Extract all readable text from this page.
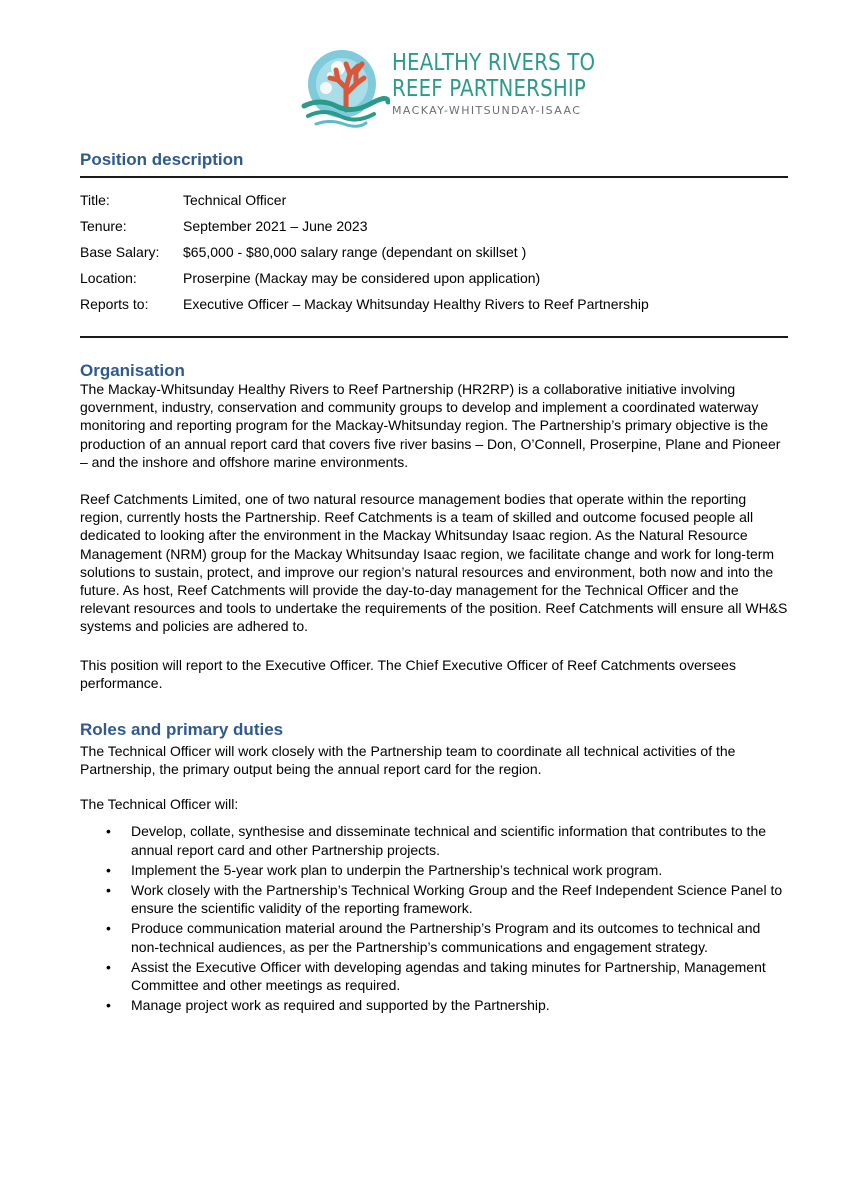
HEALTHY RIVERS TO
REEF PARTNERSHIP
MACKAY-WHITSUNDAY-ISAAC
Position description
Title:	Technical Officer
Tenure:	September 2021 – June 2023
Base Salary:	$65,000 - $80,000 salary range (dependant on skillset )
Location:	Proserpine (Mackay may be considered upon application)
Reports to:	Executive Officer – Mackay Whitsunday Healthy Rivers to Reef Partnership
Organisation
The Mackay-Whitsunday Healthy Rivers to Reef Partnership (HR2RP) is a collaborative initiative involving government, industry, conservation and community groups to develop and implement a coordinated waterway monitoring and reporting program for the Mackay-Whitsunday region. The Partnership’s primary objective is the production of an annual report card that covers five river basins – Don, O’Connell, Proserpine, Plane and Pioneer – and the inshore and offshore marine environments.
Reef Catchments Limited, one of two natural resource management bodies that operate within the reporting region, currently hosts the Partnership. Reef Catchments is a team of skilled and outcome focused people all dedicated to looking after the environment in the Mackay Whitsunday Isaac region. As the Natural Resource Management (NRM) group for the Mackay Whitsunday Isaac region, we facilitate change and work for long-term solutions to sustain, protect, and improve our region’s natural resources and environment, both now and into the future. As host, Reef Catchments will provide the day-to-day management for the Technical Officer and the relevant resources and tools to undertake the requirements of the position. Reef Catchments will ensure all WH&S systems and policies are adhered to.
This position will report to the Executive Officer. The Chief Executive Officer of Reef Catchments oversees performance.
Roles and primary duties
The Technical Officer will work closely with the Partnership team to coordinate all technical activities of the Partnership, the primary output being the annual report card for the region.
The Technical Officer will:
• Develop, collate, synthesise and disseminate technical and scientific information that contributes to the annual report card and other Partnership projects.
• Implement the 5-year work plan to underpin the Partnership’s technical work program.
• Work closely with the Partnership’s Technical Working Group and the Reef Independent Science Panel to ensure the scientific validity of the reporting framework.
• Produce communication material around the Partnership’s Program and its outcomes to technical and non-technical audiences, as per the Partnership’s communications and engagement strategy.
• Assist the Executive Officer with developing agendas and taking minutes for Partnership, Management Committee and other meetings as required.
• Manage project work as required and supported by the Partnership.
